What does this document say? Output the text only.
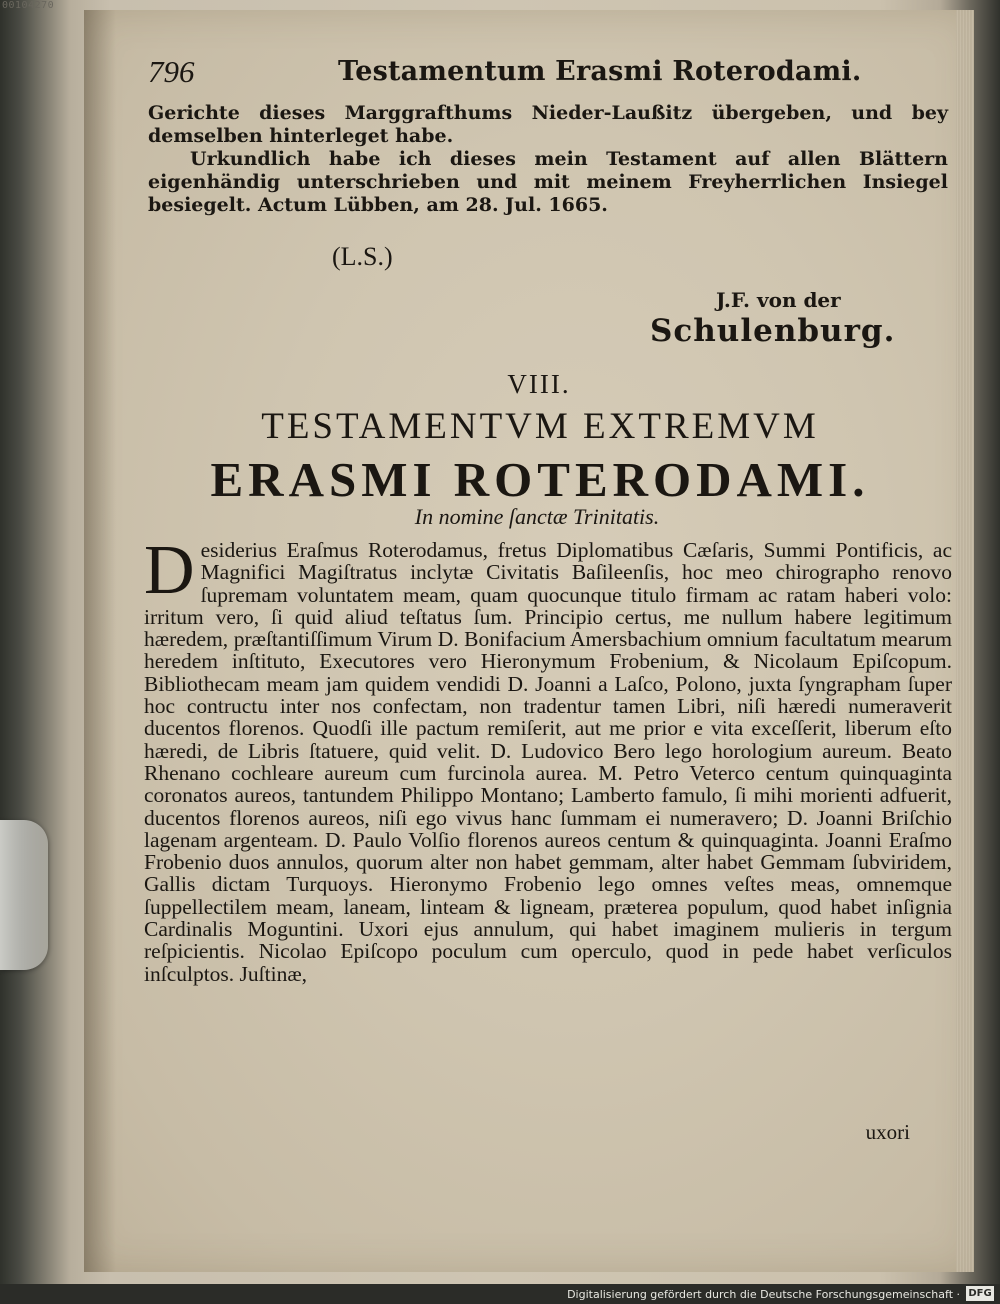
796	Testamentum Erasmi Roterodami.

Gerichte dieses Marggrafthums Nieder-Laußitz übergeben, und bey demselben hinterleget habe.

Urkundlich habe ich dieses mein Testament auf allen Blättern eigenhändig unterschrieben und mit meinem Freyherrlichen Insiegel besiegelt. Actum Lübben, am 28. Jul. 1665.

(L.S.)
J.F. von der
Schulenburg.
VIII.
TESTAMENTVM EXTREMVM
ERASMI ROTERODAMI.
In nomine ſanctæ Trinitatis.
Desiderius Eraſmus Roterodamus, fretus Diplomatibus Cæſaris, Summi Pontificis, ac Magnifici Magiſtratus inclytæ Civitatis Baſileenſis, hoc meo chirographo renovo ſupremam voluntatem meam, quam quocunque titulo firmam ac ratam haberi volo: irritum vero, ſi quid aliud teſtatus ſum. Principio certus, me nullum habere legitimum hæredem, præſtantiſſimum Virum D. Bonifacium Amersbachium omnium facultatum mearum heredem inſtituto, Executores vero Hieronymum Frobenium, & Nicolaum Epiſcopum. Bibliothecam meam jam quidem vendidi D. Joanni a Laſco, Polono, juxta ſyngrapham ſuper hoc contructu inter nos confectam, non tradentur tamen Libri, niſi hæredi numeraverit ducentos florenos. Quodſi ille pactum remiſerit, aut me prior e vita exceſſerit, liberum eſto hæredi, de Libris ſtatuere, quid velit. D. Ludovico Bero lego horologium aureum. Beato Rhenano cochleare aureum cum furcinola aurea. M. Petro Veterco centum quinquaginta coronatos aureos, tantundem Philippo Montano; Lamberto famulo, ſi mihi morienti adfuerit, ducentos florenos aureos, niſi ego vivus hanc ſummam ei numeravero; D. Joanni Briſchio lagenam argenteam. D. Paulo Volſio florenos aureos centum & quinquaginta. Joanni Eraſmo Frobenio duos annulos, quorum alter non habet gemmam, alter habet Gemmam ſubviridem, Gallis dictam Turquoys. Hieronymo Frobenio lego omnes veſtes meas, omnemque ſuppellectilem meam, laneam, linteam & ligneam, præterea populum, quod habet inſignia Cardinalis Moguntini. Uxori ejus annulum, qui habet imaginem mulieris in tergum reſpicientis. Nicolao Epiſcopo poculum cum operculo, quod in pede habet verſiculos inſculptos. Juſtinæ,
uxori
00104270
Digitalisierung gefördert durch die Deutsche Forschungsgemeinschaft · DFG
